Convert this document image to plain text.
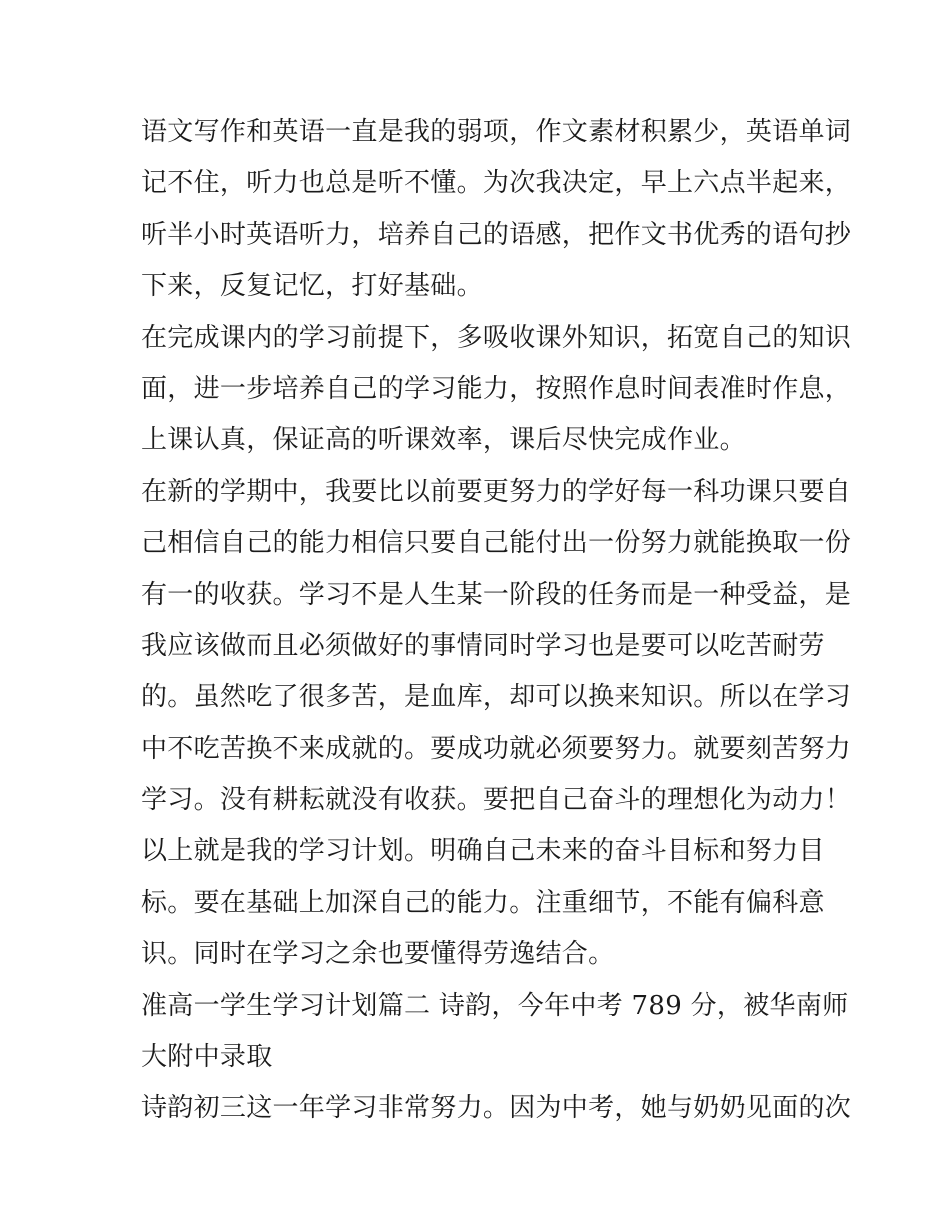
语文写作和英语一直是我的弱项，作文素材积累少，英语单词
记不住，听力也总是听不懂。为次我决定，早上六点半起来，
听半小时英语听力，培养自己的语感，把作文书优秀的语句抄
下来，反复记忆，打好基础。

在完成课内的学习前提下，多吸收课外知识，拓宽自己的知识
面，进一步培养自己的学习能力，按照作息时间表准时作息，
上课认真，保证高的听课效率，课后尽快完成作业。

在新的学期中，我要比以前要更努力的学好每一科功课只要自
己相信自己的能力相信只要自己能付出一份努力就能换取一份
有一的收获。学习不是人生某一阶段的任务而是一种受益，是
我应该做而且必须做好的事情同时学习也是要可以吃苦耐劳
的。虽然吃了很多苦，是血库，却可以换来知识。所以在学习
中不吃苦换不来成就的。要成功就必须要努力。就要刻苦努力
学习。没有耕耘就没有收获。要把自己奋斗的理想化为动力！

以上就是我的学习计划。明确自己未来的奋斗目标和努力目
标。要在基础上加深自己的能力。注重细节，不能有偏科意
识。同时在学习之余也要懂得劳逸结合。

准高一学生学习计划篇二 诗韵，今年中考 789 分，被华南师
大附中录取

诗韵初三这一年学习非常努力。因为中考，她与奶奶见面的次
